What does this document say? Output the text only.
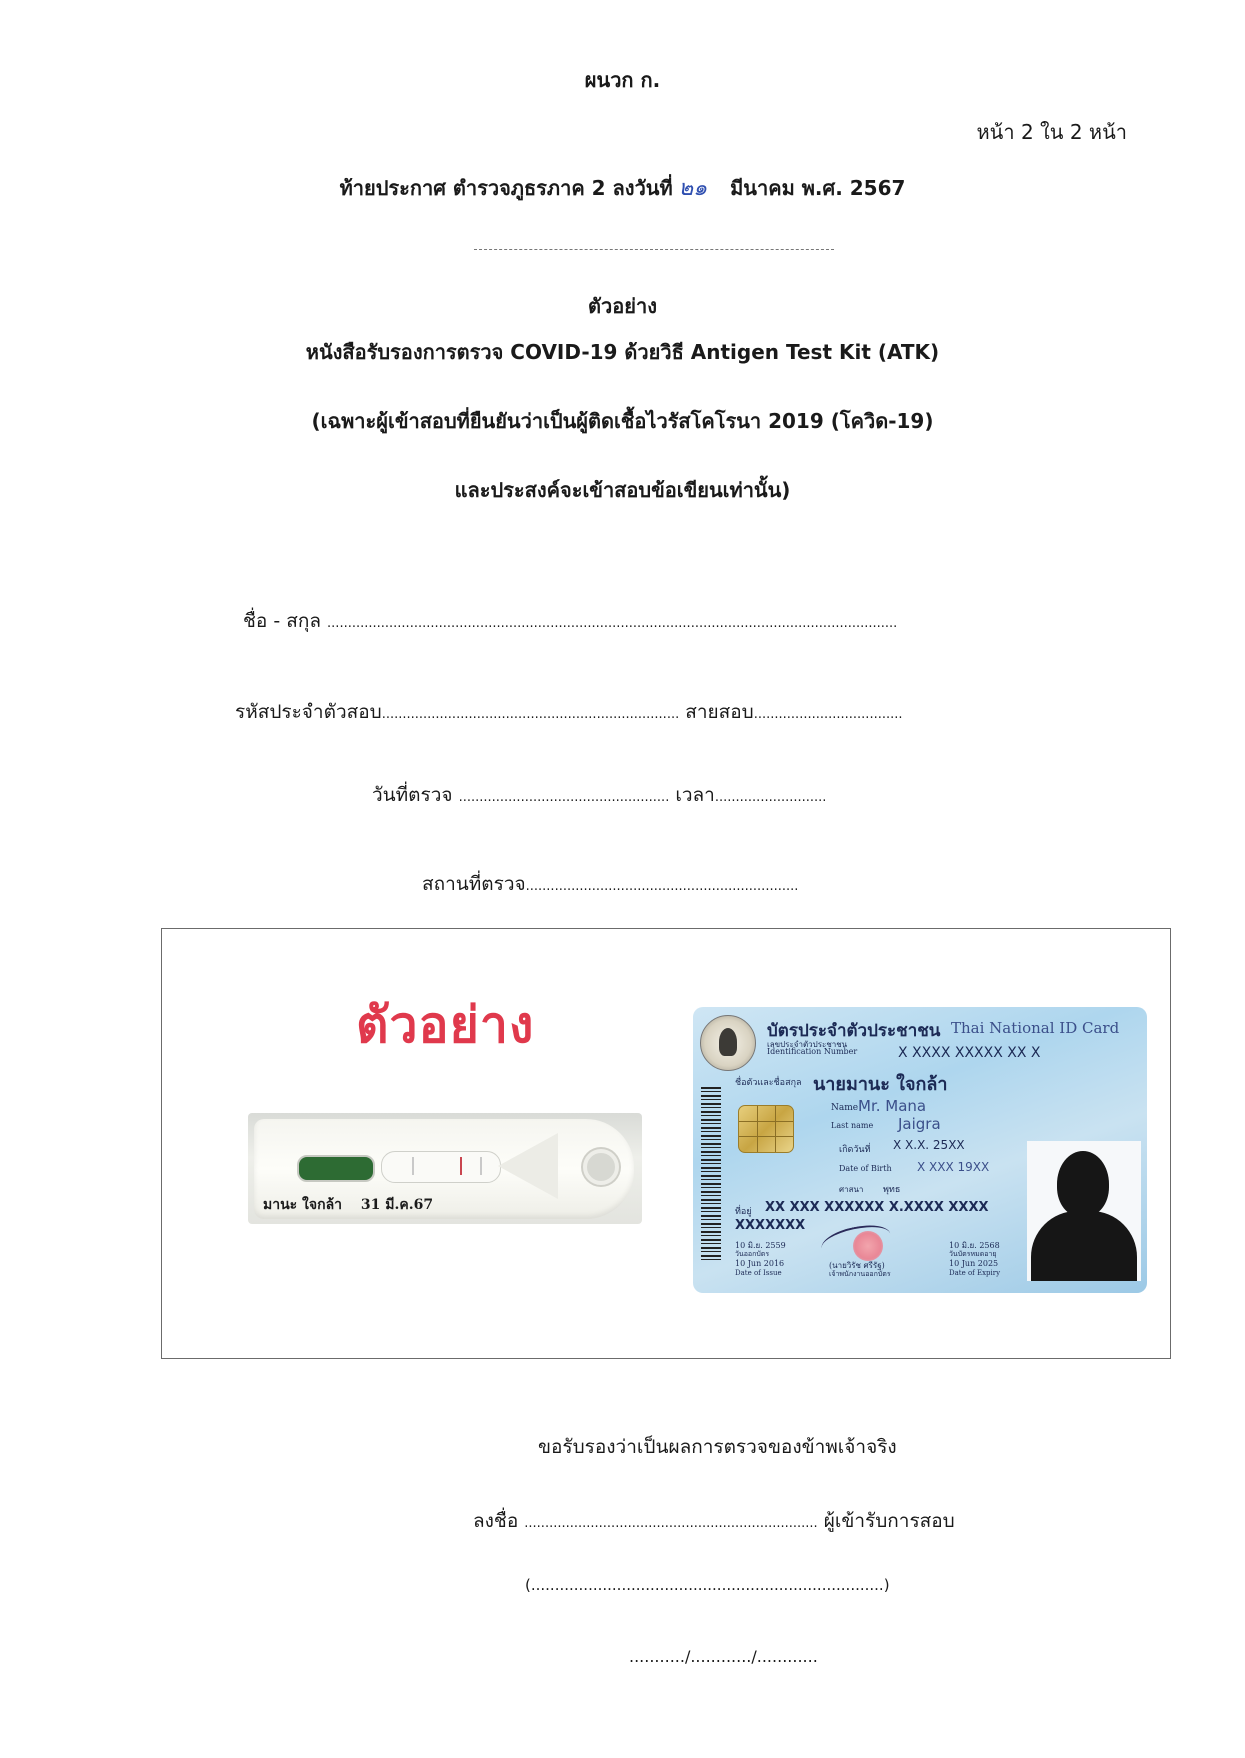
ผนวก ก.
หน้า 2 ใน 2 หน้า
ท้ายประกาศ ตำรวจภูธรภาค 2 ลงวันที่ ๒๑ มีนาคม พ.ศ. 2567
ตัวอย่าง
หนังสือรับรองการตรวจ COVID-19 ด้วยวิธี Antigen Test Kit (ATK)
(เฉพาะผู้เข้าสอบที่ยืนยันว่าเป็นผู้ติดเชื้อไวรัสโคโรนา 2019 (โควิด-19)
และประสงค์จะเข้าสอบข้อเขียนเท่านั้น)
ชื่อ - สกุล ..........................................................................................................................................
รหัสประจำตัวสอบ........................................................................ สายสอบ....................................
วันที่ตรวจ ................................................... เวลา...........................
สถานที่ตรวจ..................................................................
ตัวอย่าง
มานะ ใจกล้า 31 มี.ค.67
บัตรประจำตัวประชาชน Thai National ID Card
เลขประจำตัวประชาชน
Identification Number	X XXXX XXXXX XX X
ชื่อตัวและชื่อสกุล นายมานะ ใจกล้า
Name Mr. Mana
Last name Jaigra
เกิดวันที่ X X.X. 25XX
Date of Birth X XXX 19XX
ศาสนา พุทธ
ที่อยู่ XX XXX XXXXXX X.XXXX XXXX
XXXXXXX
10 มิ.ย. 2559
วันออกบัตร
10 Jun 2016
Date of Issue
(นายวิรัช ศรีรัฐ)
เจ้าพนักงานออกบัตร
10 มิ.ย. 2568
วันบัตรหมดอายุ
10 Jun 2025
Date of Expiry
ขอรับรองว่าเป็นผลการตรวจของข้าพเจ้าจริง
ลงชื่อ ....................................................................... ผู้เข้ารับการสอบ
(..........................................................................)
.........../............/............
